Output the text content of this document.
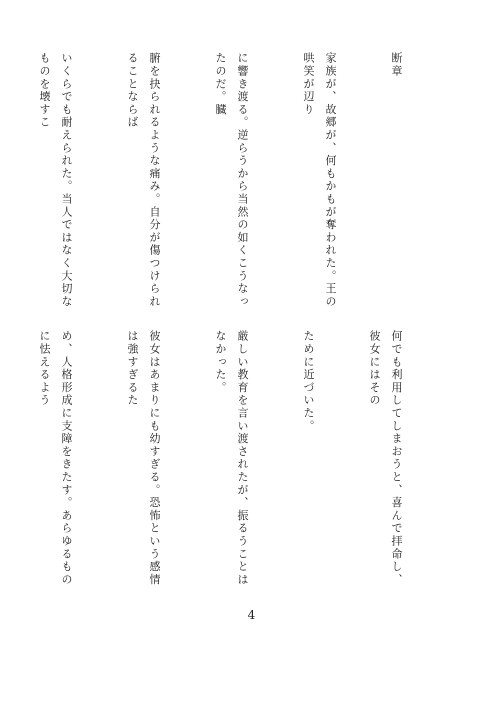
断章

家族が、故郷が、何もかもが奪われた。王の哄笑が辺り

に響き渡る。逆らうから当然の如くこうなったのだ。臓

腑を抉られるような痛み。自分が傷つけられることならば

いくらでも耐えられた。当人ではなく大切なものを壊すこ

何でも利用してしまおうと、喜んで拝命し、彼女にはその

ために近づいた。

厳しい教育を言い渡されたが、振るうことはなかった。

彼女はあまりにも幼すぎる。恐怖という感情は強すぎるた

め、人格形成に支障をきたす。あらゆるものに怯えるよう

4
